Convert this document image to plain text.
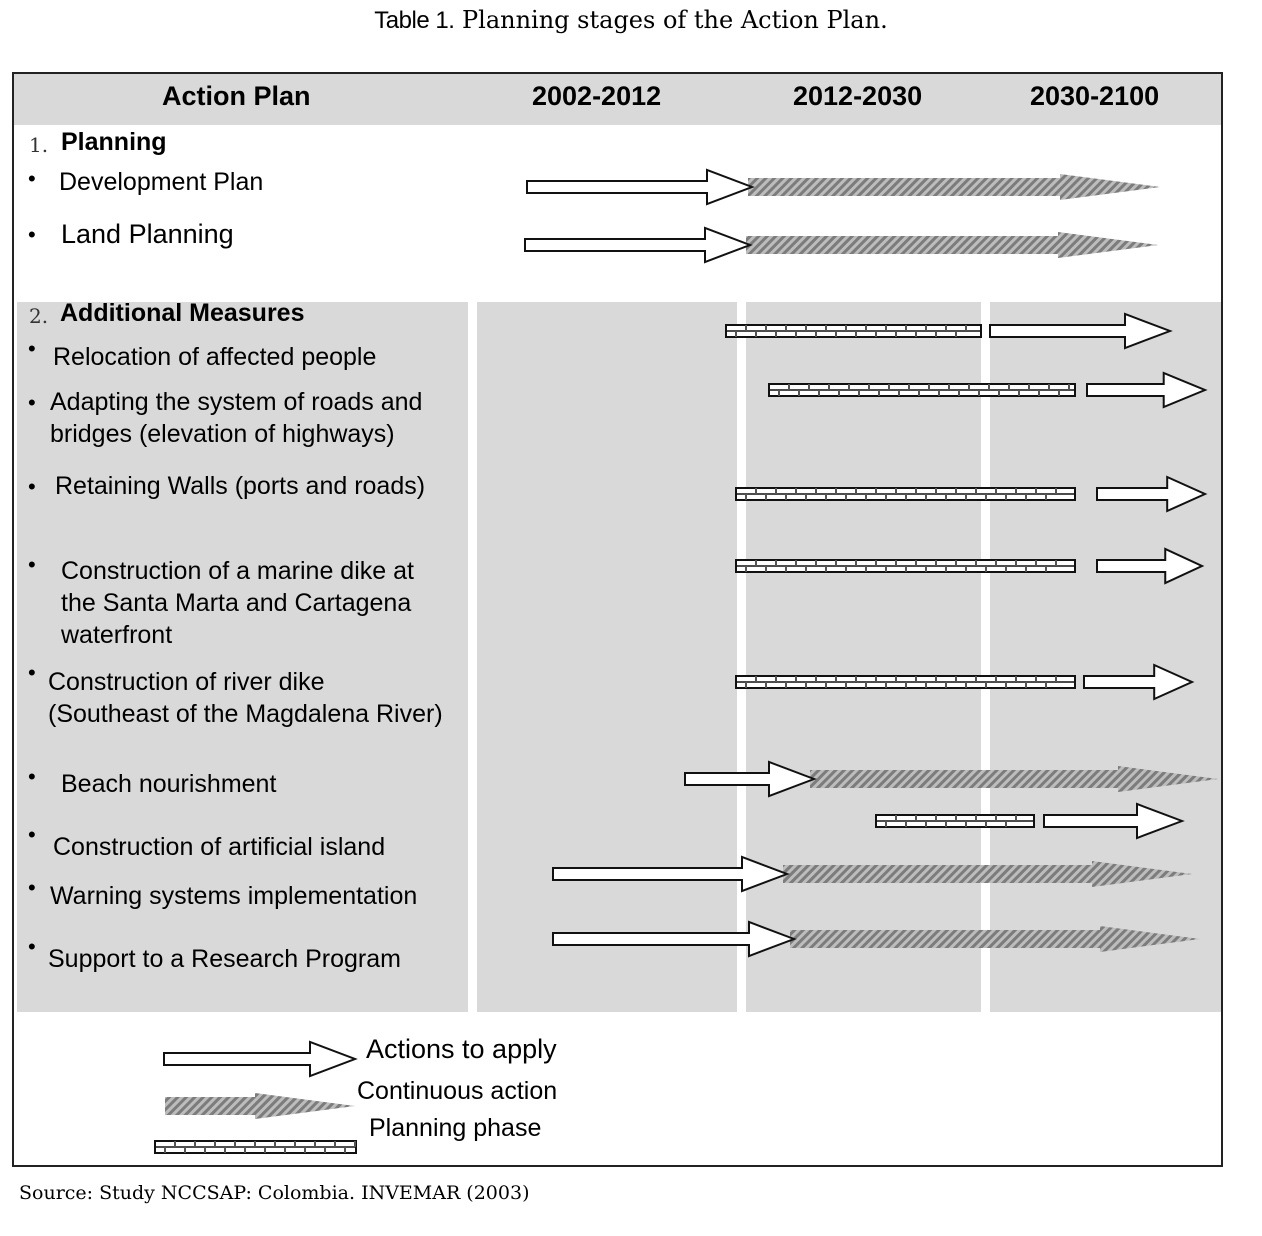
Table 1. Planning stages of the Action Plan.
Action Plan	2002-2012	2012-2030	2030-2100
1. Planning
• Development Plan
• Land Planning
2. Additional Measures
• Relocation of affected people
• Adapting the system of roads and
bridges (elevation of highways)
• Retaining Walls (ports and roads)
• Construction of a marine dike at
the Santa Marta and Cartagena
waterfront
• Construction of river dike
(Southeast of the Magdalena River)
• Beach nourishment
• Construction of artificial island
• Warning systems implementation
• Support to a Research Program
Actions to apply
Continuous action
Planning phase
Source: Study NCCSAP: Colombia. INVEMAR (2003)
